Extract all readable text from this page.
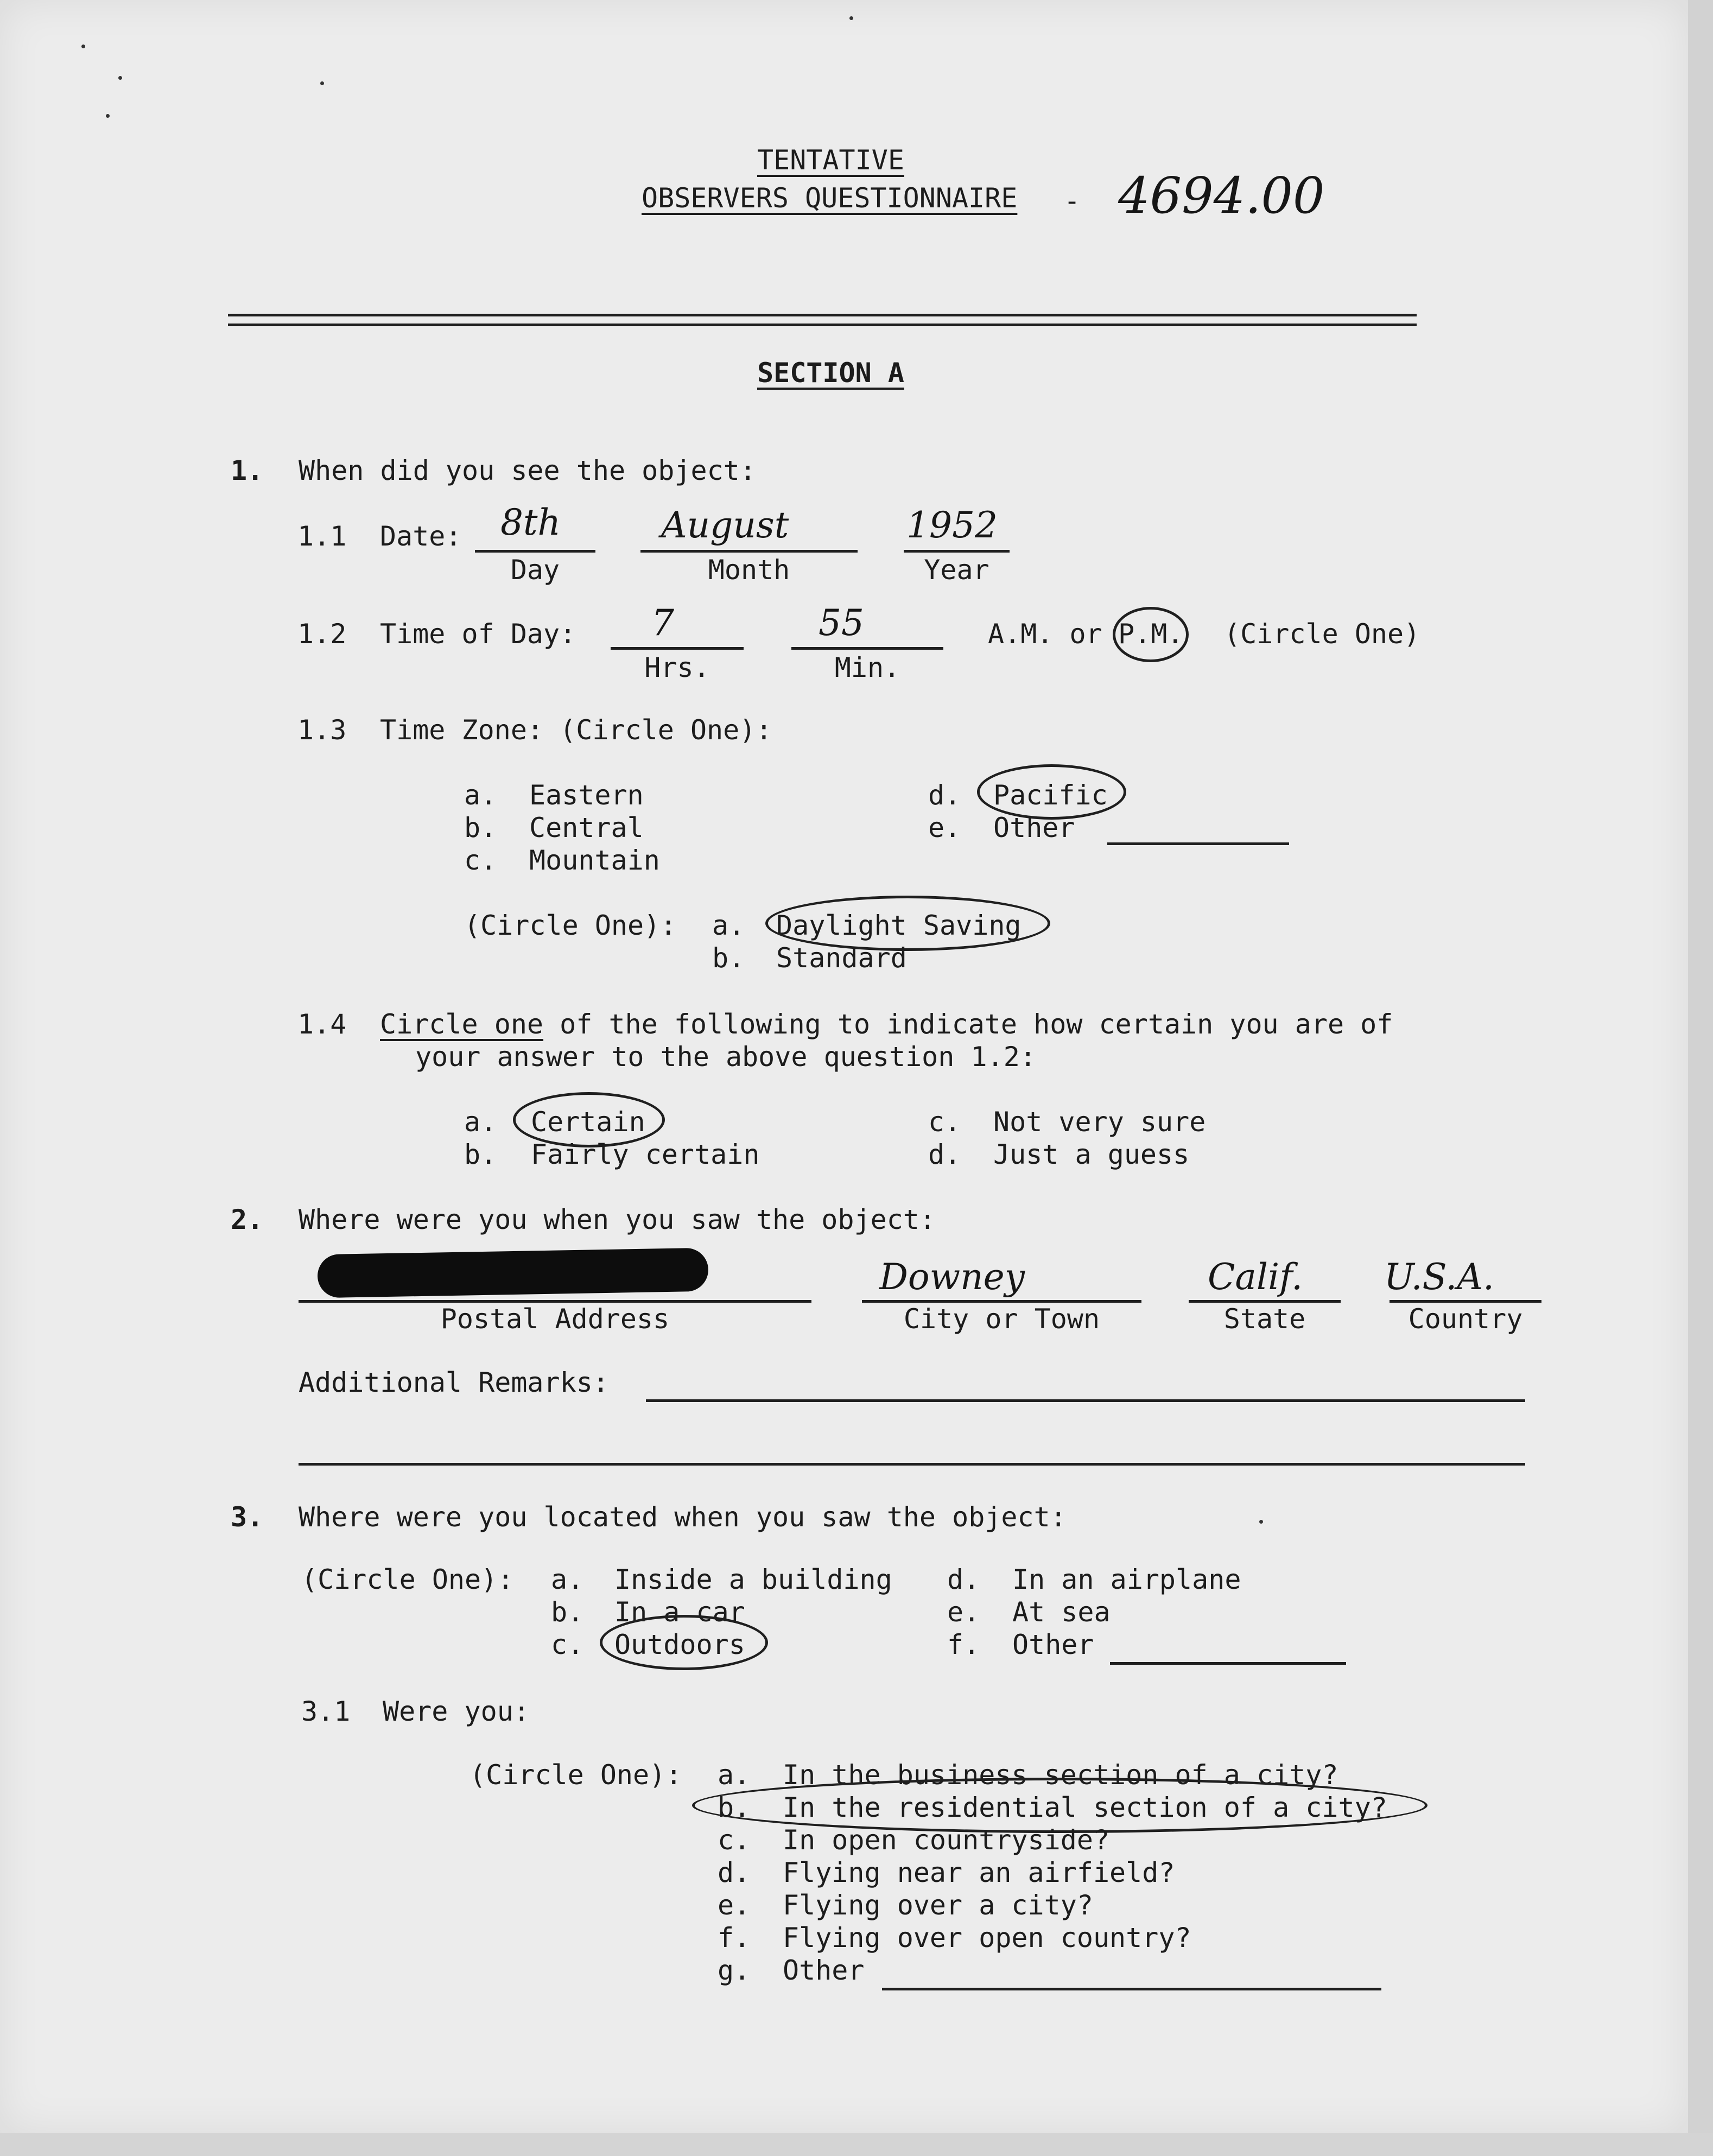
TENTATIVE
OBSERVERS QUESTIONNAIRE - 4694.00
SECTION A
1. When did you see the object:
1.1 Date: 8th
Day
August
Month
1952
Year
1.2 Time of Day: 7
Hrs.
55
Min.
A.M. or P.M. (Circle One)
1.3 Time Zone: (Circle One):
a. Eastern
b. Central
c. Mountain
d. Pacific
e. Other
(Circle One): a. Daylight Saving
b. Standard
1.4 Circle one of the following to indicate how certain you are of
your answer to the above question 1.2:
a. Certain
b. Fairly certain
c. Not very sure
d. Just a guess
2. Where were you when you saw the object:
Postal Address
Downey
City or Town
Calif.
State
U.S.A.
Country
Additional Remarks:
3. Where were you located when you saw the object:
(Circle One): a. Inside a building
b. In a car
c. Outdoors
d. In an airplane
e. At sea
f. Other
3.1 Were you:
(Circle One): a. In the business section of a city?
b. In the residential section of a city?
c. In open countryside?
d. Flying near an airfield?
e. Flying over a city?
f. Flying over open country?
g. Other
